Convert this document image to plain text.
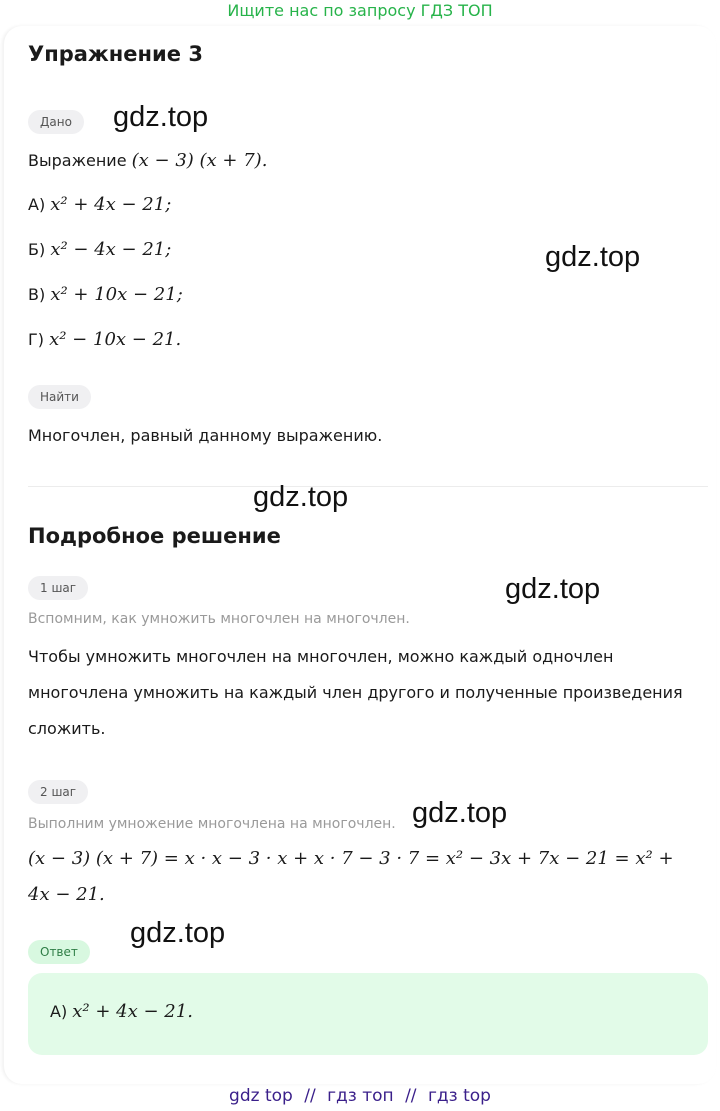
Ищите нас по запросу ГДЗ ТОП
Упражнение 3
Дано
Выражение (x − 3) (x + 7).
А) x² + 4x − 21;
Б) x² − 4x − 21;
В) x² + 10x − 21;
Г) x² − 10x − 21.
Найти
Многочлен, равный данному выражению.
Подробное решение
1 шаг
Вспомним, как умножить многочлен на многочлен.
Чтобы умножить многочлен на многочлен, можно каждый одночлен
многочлена умножить на каждый член другого и полученные произведения
сложить.
2 шаг
Выполним умножение многочлена на многочлен.
(x − 3) (x + 7) = x · x − 3 · x + x · 7 − 3 · 7 = x² − 3x + 7x − 21 = x² +
4x − 21.
Ответ
А) x² + 4x − 21.
gdz.top
gdz.top
gdz.top
gdz.top
gdz.top
gdz.top
gdz top // гдз топ // гдз top
